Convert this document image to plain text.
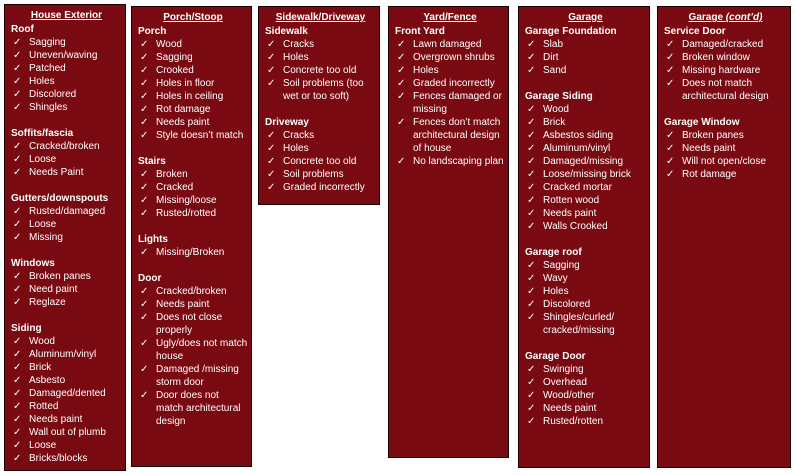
House Exterior
Roof
✓ Sagging
✓ Uneven/waving
✓ Patched
✓ Holes
✓ Discolored
✓ Shingles
Soffits/fascia
✓ Cracked/broken
✓ Loose
✓ Needs Paint
Gutters/downspouts
✓ Rusted/damaged
✓ Loose
✓ Missing
Windows
✓ Broken panes
✓ Need paint
✓ Reglaze
Siding
✓ Wood
✓ Aluminum/vinyl
✓ Brick
✓ Asbesto
✓ Damaged/dented
✓ Rotted
✓ Needs paint
✓ Wall out of plumb
✓ Loose
✓ Bricks/blocks
Porch/Stoop
Porch
✓ Wood
✓ Sagging
✓ Crooked
✓ Holes in floor
✓ Holes in ceiling
✓ Rot damage
✓ Needs paint
✓ Style doesn’t match
Stairs
✓ Broken
✓ Cracked
✓ Missing/loose
✓ Rusted/rotted
Lights
✓ Missing/Broken
Door
✓ Cracked/broken
✓ Needs paint
✓ Does not close properly
✓ Ugly/does not match house
✓ Damaged /missing storm door
✓ Door does not match architectural design
Sidewalk/Driveway
Sidewalk
✓ Cracks
✓ Holes
✓ Concrete too old
✓ Soil problems (too wet or too soft)
Driveway
✓ Cracks
✓ Holes
✓ Concrete too old
✓ Soil problems
✓ Graded incorrectly
Yard/Fence
Front Yard
✓ Lawn damaged
✓ Overgrown shrubs
✓ Holes
✓ Graded incorrectly
✓ Fences damaged or missing
✓ Fences don’t match architectural design of house
✓ No landscaping plan
Garage
Garage Foundation
✓ Slab
✓ Dirt
✓ Sand
Garage Siding
✓ Wood
✓ Brick
✓ Asbestos siding
✓ Aluminum/vinyl
✓ Damaged/missing
✓ Loose/missing brick
✓ Cracked mortar
✓ Rotten wood
✓ Needs paint
✓ Walls Crooked
Garage roof
✓ Sagging
✓ Wavy
✓ Holes
✓ Discolored
✓ Shingles/curled/ cracked/missing
Garage Door
✓ Swinging
✓ Overhead
✓ Wood/other
✓ Needs paint
✓ Rusted/rotten
Garage (cont’d)
Service Door
✓ Damaged/cracked
✓ Broken window
✓ Missing hardware
✓ Does not match architectural design
Garage Window
✓ Broken panes
✓ Needs paint
✓ Will not open/close
✓ Rot damage
